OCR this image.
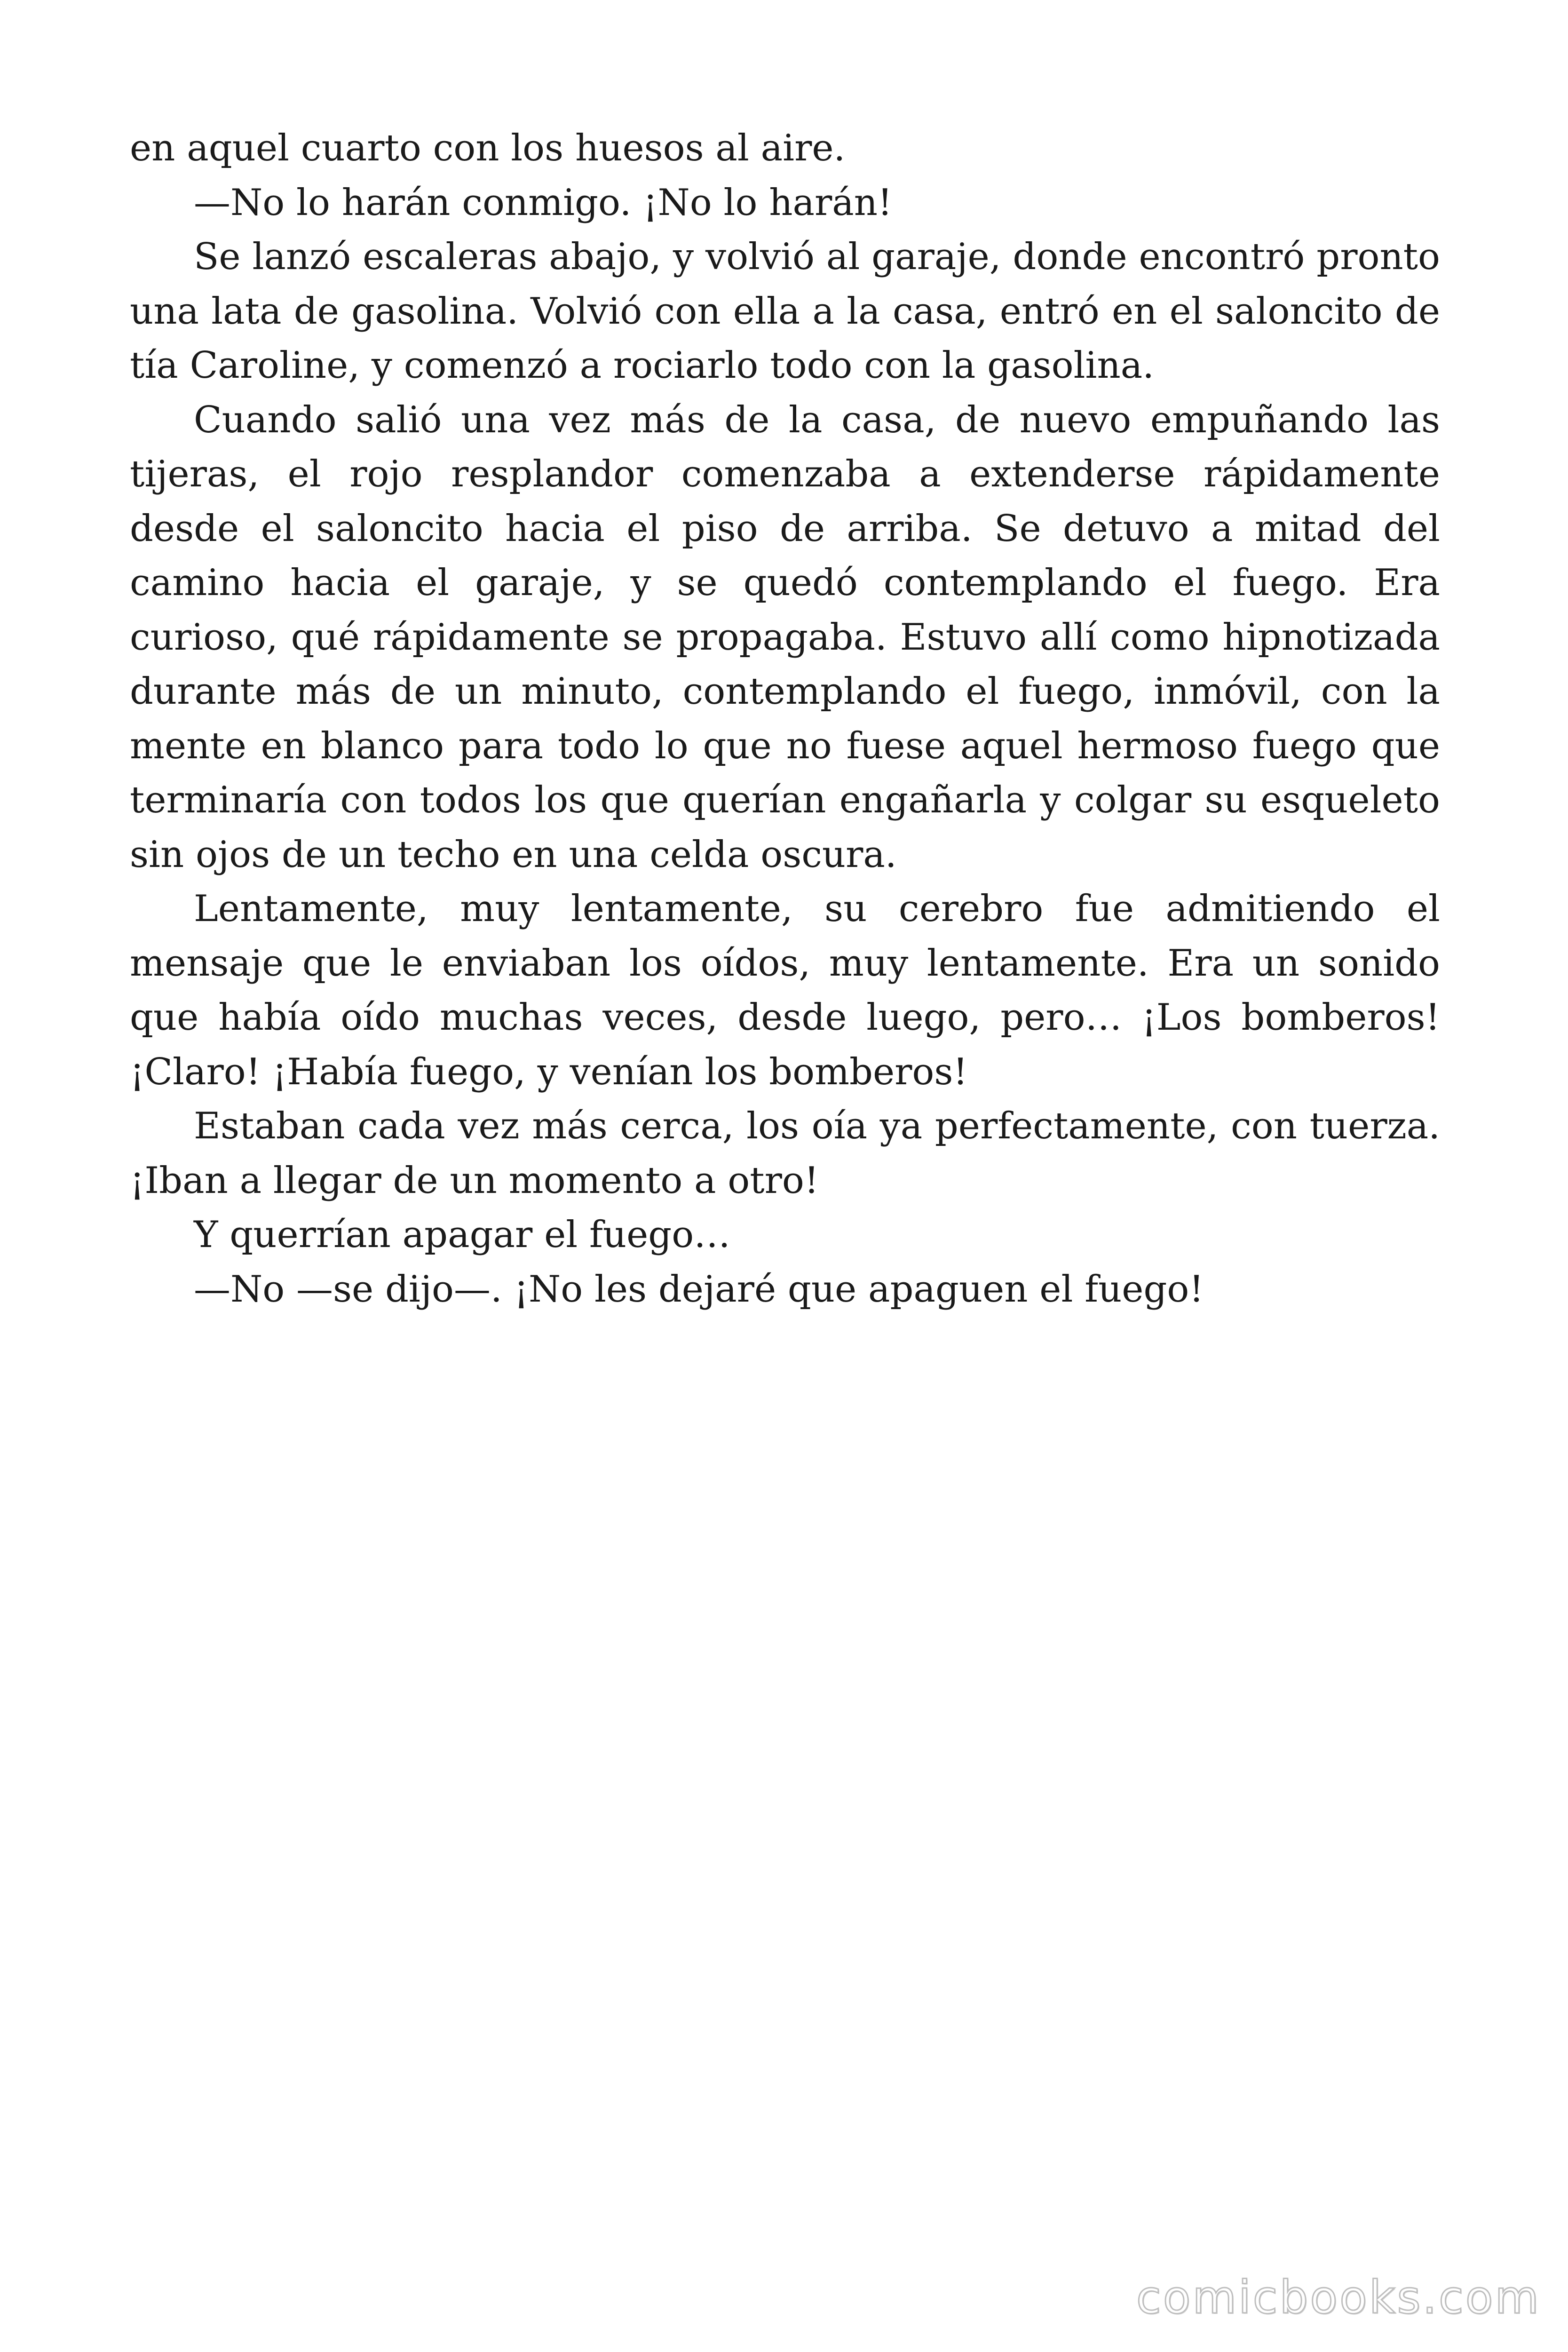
en aquel cuarto con los huesos al aire.

—No lo harán conmigo. ¡No lo harán!

Se lanzó escaleras abajo, y volvió al garaje, donde encontró pronto una lata de gasolina. Volvió con ella a la casa, entró en el saloncito de tía Caroline, y comenzó a rociarlo todo con la gasolina.

Cuando salió una vez más de la casa, de nuevo empuñando las tijeras, el rojo resplandor comenzaba a extenderse rápidamente desde el saloncito hacia el piso de arriba. Se detuvo a mitad del camino hacia el garaje, y se quedó contemplando el fuego. Era curioso, qué rápidamente se propagaba. Estuvo allí como hipnotizada durante más de un minuto, contemplando el fuego, inmóvil, con la mente en blanco para todo lo que no fuese aquel hermoso fuego que terminaría con todos los que querían engañarla y colgar su esqueleto sin ojos de un techo en una celda oscura.

Lentamente, muy lentamente, su cerebro fue admitiendo el mensaje que le enviaban los oídos, muy lentamente. Era un sonido que había oído muchas veces, desde luego, pero… ¡Los bomberos! ¡Claro! ¡Había fuego, y venían los bomberos!

Estaban cada vez más cerca, los oía ya perfectamente, con tuerza. ¡Iban a llegar de un momento a otro!

Y querrían apagar el fuego…

—No —se dijo—. ¡No les dejaré que apaguen el fuego!

comicbooks.com
